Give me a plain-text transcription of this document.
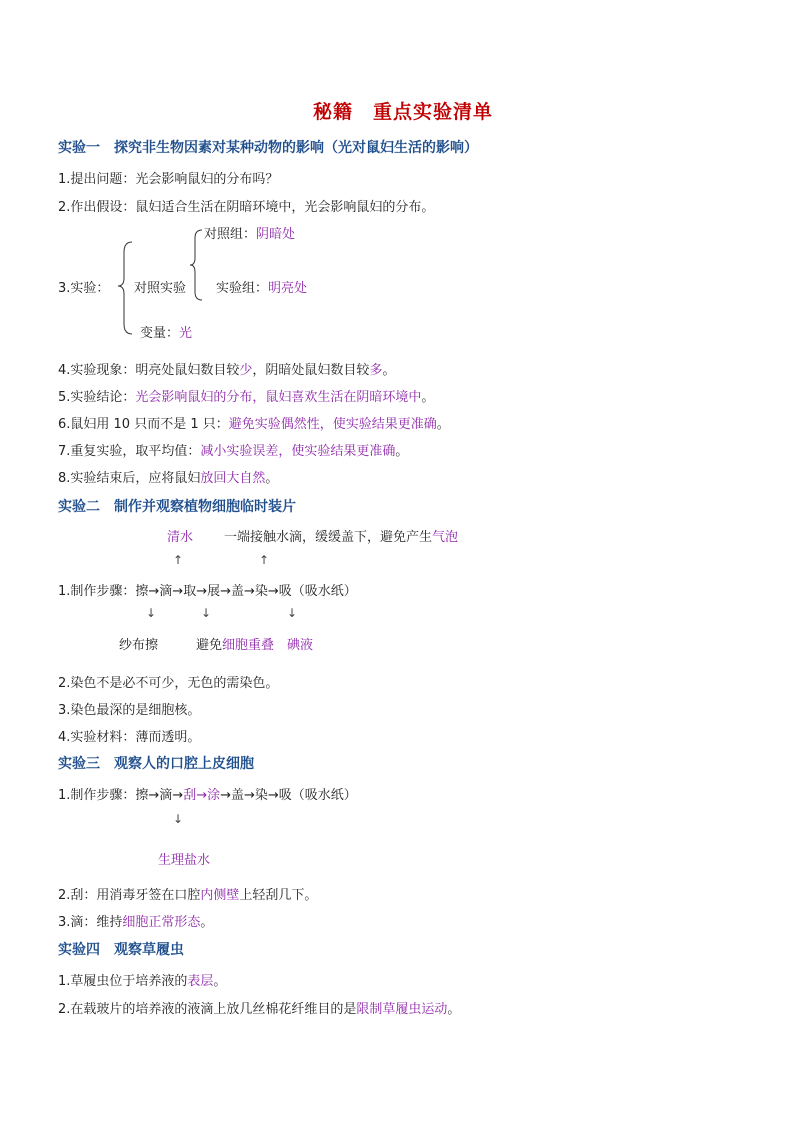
秘籍　重点实验清单
实验一　探究非生物因素对某种动物的影响（光对鼠妇生活的影响）
1.提出问题：光会影响鼠妇的分布吗？
2.作出假设：鼠妇适合生活在阴暗环境中，光会影响鼠妇的分布。
3.实验： 对照实验
对照组：阴暗处
实验组：明亮处
变量：光
4.实验现象：明亮处鼠妇数目较少，阴暗处鼠妇数目较多。
5.实验结论：光会影响鼠妇的分布，鼠妇喜欢生活在阴暗环境中。
6.鼠妇用 10 只而不是 1 只：避免实验偶然性，使实验结果更准确。
7.重复实验，取平均值：减小实验误差，使实验结果更准确。
8.实验结束后，应将鼠妇放回大自然。
实验二　制作并观察植物细胞临时装片
清水 一端接触水滴，缓缓盖下，避免产生气泡
↑	↑
1.制作步骤：擦→滴→取→展→盖→染→吸（吸水纸）
↓	↓	↓
纱布擦	避免细胞重叠 碘液
2.染色不是必不可少，无色的需染色。
3.染色最深的是细胞核。
4.实验材料：薄而透明。
实验三　观察人的口腔上皮细胞
1.制作步骤：擦→滴→刮→涂→盖→染→吸（吸水纸）
↓
生理盐水
2.刮：用消毒牙签在口腔内侧壁上轻刮几下。
3.滴：维持细胞正常形态。
实验四　观察草履虫
1.草履虫位于培养液的表层。
2.在载玻片的培养液的液滴上放几丝棉花纤维目的是限制草履虫运动。
